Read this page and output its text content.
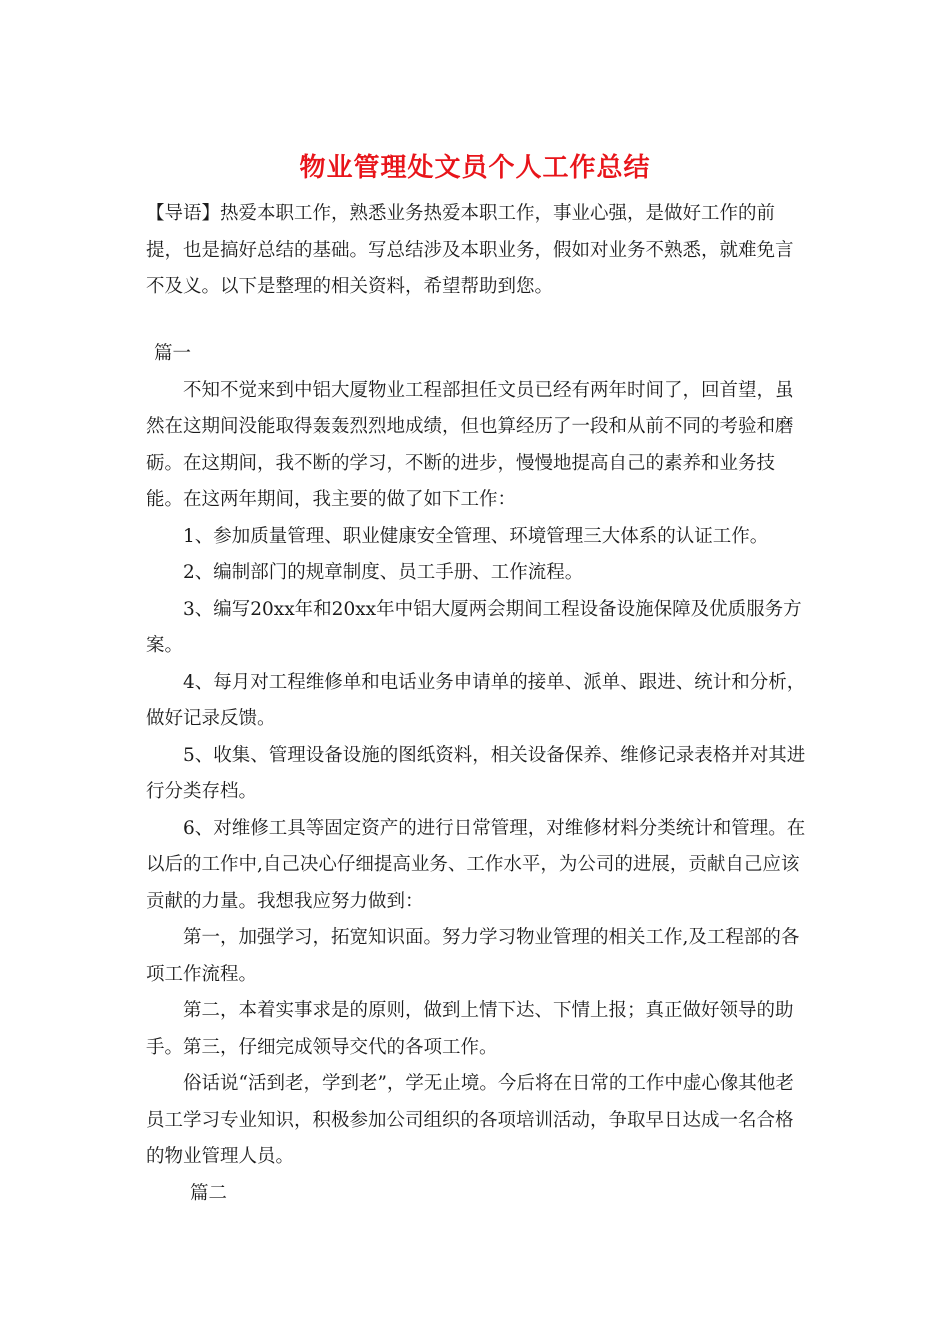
物业管理处文员个人工作总结

【导语】热爱本职工作，熟悉业务热爱本职工作，事业心强，是做好工作的前提，也是搞好总结的基础。写总结涉及本职业务，假如对业务不熟悉，就难免言不及义。以下是整理的相关资料，希望帮助到您。

篇一

不知不觉来到中铝大厦物业工程部担任文员已经有两年时间了，回首望，虽然在这期间没能取得轰轰烈烈地成绩，但也算经历了一段和从前不同的考验和磨砺。在这期间，我不断的学习，不断的进步，慢慢地提高自己的素养和业务技能。在这两年期间，我主要的做了如下工作：

1、参加质量管理、职业健康安全管理、环境管理三大体系的认证工作。

2、编制部门的规章制度、员工手册、工作流程。

3、编写20xx年和20xx年中铝大厦两会期间工程设备设施保障及优质服务方案。

4、每月对工程维修单和电话业务申请单的接单、派单、跟进、统计和分析，做好记录反馈。

5、收集、管理设备设施的图纸资料，相关设备保养、维修记录表格并对其进行分类存档。

6、对维修工具等固定资产的进行日常管理，对维修材料分类统计和管理。在以后的工作中,自己决心仔细提高业务、工作水平，为公司的进展，贡献自己应该贡献的力量。我想我应努力做到：

第一，加强学习，拓宽知识面。努力学习物业管理的相关工作,及工程部的各项工作流程。

第二，本着实事求是的原则，做到上情下达、下情上报；真正做好领导的助手。第三，仔细完成领导交代的各项工作。

俗话说“活到老，学到老”，学无止境。今后将在日常的工作中虚心像其他老员工学习专业知识，积极参加公司组织的各项培训活动，争取早日达成一名合格的物业管理人员。

篇二
